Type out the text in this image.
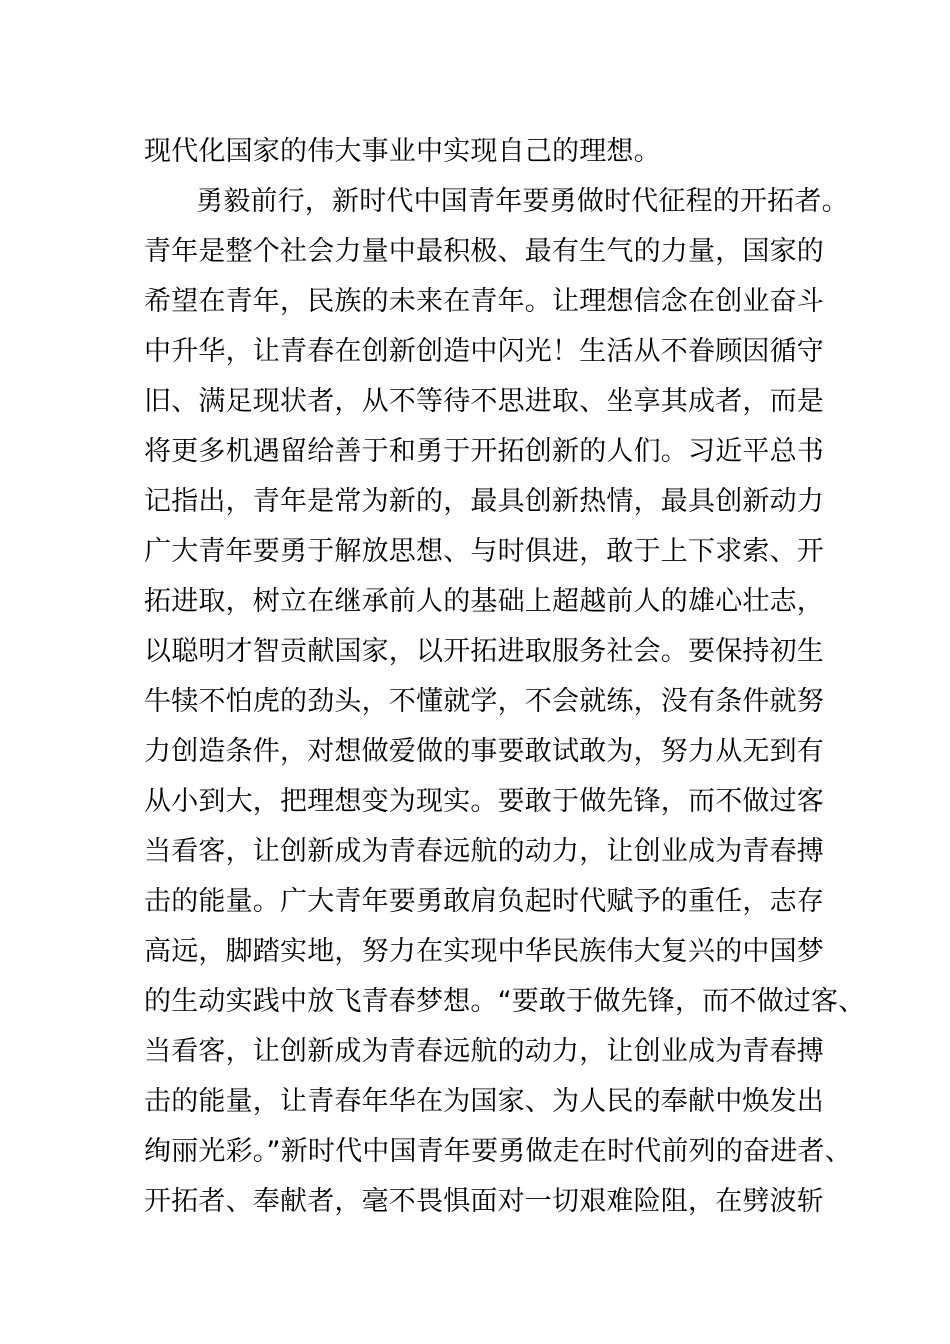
现代化国家的伟大事业中实现自己的理想。
勇毅前行，新时代中国青年要勇做时代征程的开拓者。
青年是整个社会力量中最积极、最有生气的力量，国家的
希望在青年，民族的未来在青年。让理想信念在创业奋斗
中升华，让青春在创新创造中闪光！生活从不眷顾因循守
旧、满足现状者，从不等待不思进取、坐享其成者，而是
将更多机遇留给善于和勇于开拓创新的人们。习近平总书
记指出，青年是常为新的，最具创新热情，最具创新动力
广大青年要勇于解放思想、与时俱进，敢于上下求索、开
拓进取，树立在继承前人的基础上超越前人的雄心壮志，
以聪明才智贡献国家，以开拓进取服务社会。要保持初生
牛犊不怕虎的劲头，不懂就学，不会就练，没有条件就努
力创造条件，对想做爱做的事要敢试敢为，努力从无到有
从小到大，把理想变为现实。要敢于做先锋，而不做过客
当看客，让创新成为青春远航的动力，让创业成为青春搏
击的能量。广大青年要勇敢肩负起时代赋予的重任，志存
高远，脚踏实地，努力在实现中华民族伟大复兴的中国梦
的生动实践中放飞青春梦想。“要敢于做先锋，而不做过客、
当看客，让创新成为青春远航的动力，让创业成为青春搏
击的能量，让青春年华在为国家、为人民的奉献中焕发出
绚丽光彩。”新时代中国青年要勇做走在时代前列的奋进者、
开拓者、奉献者，毫不畏惧面对一切艰难险阻，在劈波斩
